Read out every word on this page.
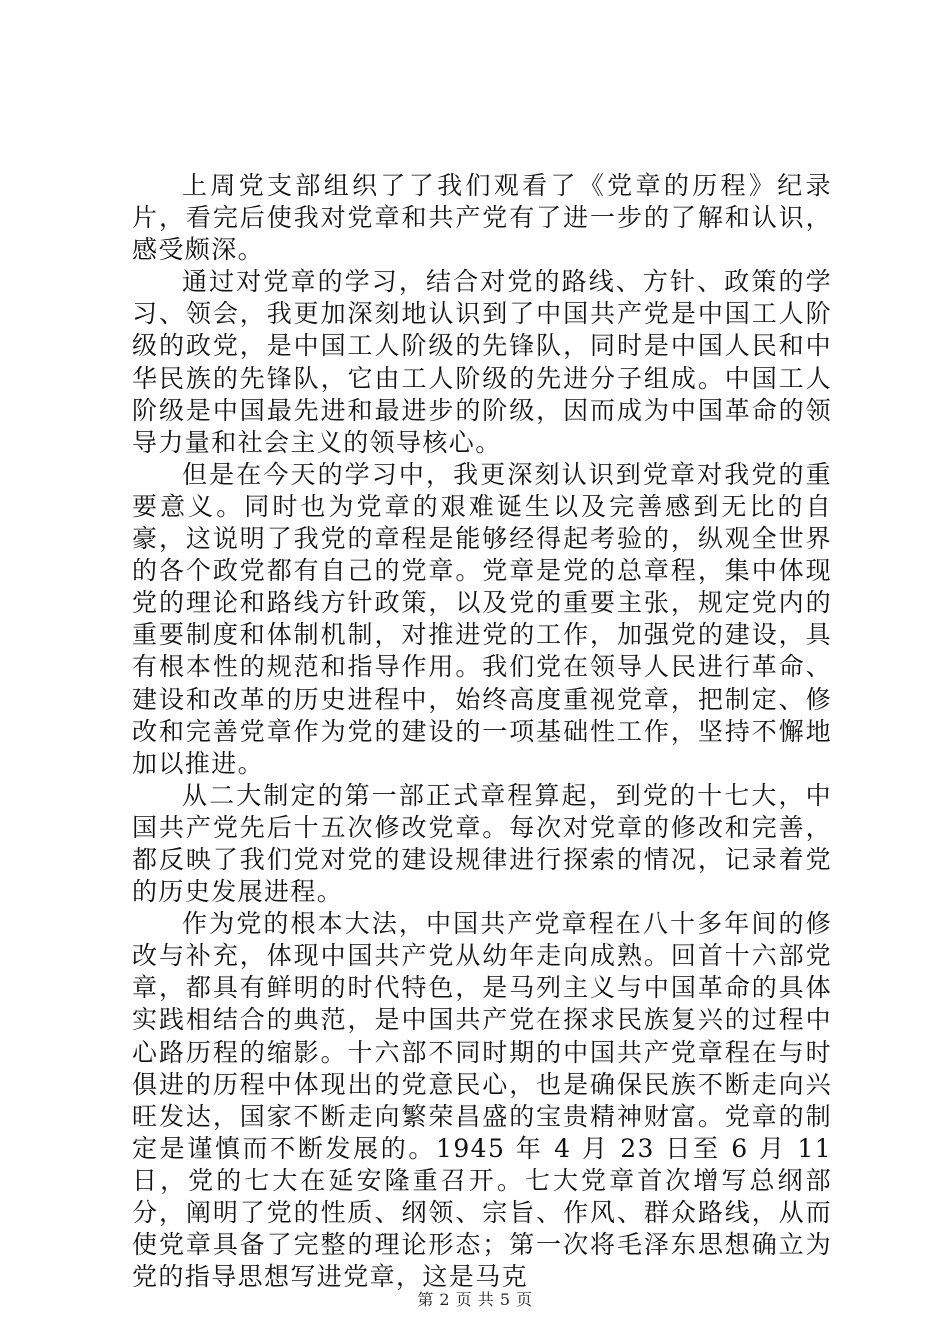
上周党支部组织了了我们观看了《党章的历程》纪录片，看完后使我对党章和共产党有了进一步的了解和认识，感受颇深。

通过对党章的学习，结合对党的路线、方针、政策的学习、领会，我更加深刻地认识到了中国共产党是中国工人阶级的政党，是中国工人阶级的先锋队，同时是中国人民和中华民族的先锋队，它由工人阶级的先进分子组成。中国工人阶级是中国最先进和最进步的阶级，因而成为中国革命的领导力量和社会主义的领导核心。

但是在今天的学习中，我更深刻认识到党章对我党的重要意义。同时也为党章的艰难诞生以及完善感到无比的自豪，这说明了我党的章程是能够经得起考验的，纵观全世界的各个政党都有自己的党章。党章是党的总章程，集中体现党的理论和路线方针政策，以及党的重要主张，规定党内的重要制度和体制机制，对推进党的工作，加强党的建设，具有根本性的规范和指导作用。我们党在领导人民进行革命、建设和改革的历史进程中，始终高度重视党章，把制定、修改和完善党章作为党的建设的一项基础性工作，坚持不懈地加以推进。

从二大制定的第一部正式章程算起，到党的十七大，中国共产党先后十五次修改党章。每次对党章的修改和完善，都反映了我们党对党的建设规律进行探索的情况，记录着党的历史发展进程。

作为党的根本大法，中国共产党章程在八十多年间的修改与补充，体现中国共产党从幼年走向成熟。回首十六部党章，都具有鲜明的时代特色，是马列主义与中国革命的具体实践相结合的典范，是中国共产党在探求民族复兴的过程中心路历程的缩影。十六部不同时期的中国共产党章程在与时俱进的历程中体现出的党意民心，也是确保民族不断走向兴旺发达，国家不断走向繁荣昌盛的宝贵精神财富。党章的制定是谨慎而不断发展的。1945 年 4 月 23 日至 6 月 11 日，党的七大在延安隆重召开。七大党章首次增写总纲部分，阐明了党的性质、纲领、宗旨、作风、群众路线，从而使党章具备了完整的理论形态；第一次将毛泽东思想确立为党的指导思想写进党章，这是马克

第 2 页 共 5 页
